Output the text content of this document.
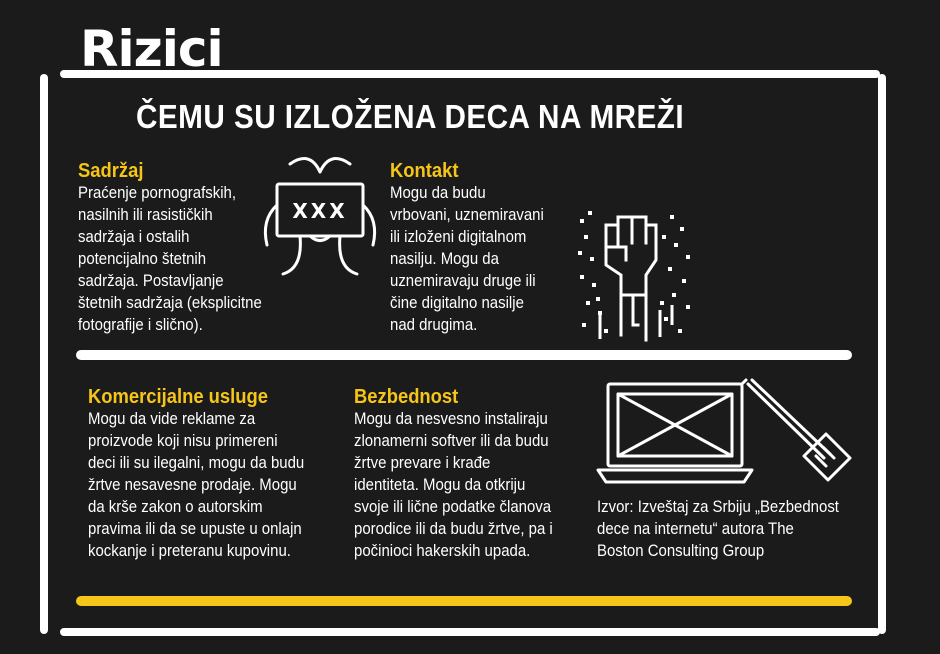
Rizici
ČEMU SU IZLOŽENA DECA NA MREŽI
Sadržaj
Praćenje pornografskih,
nasilnih ili rasističkih
sadržaja i ostalih
potencijalno štetnih
sadržaja. Postavljanje
štetnih sadržaja (eksplicitne
fotografije i slično).
XXX
Kontakt
Mogu da budu
vrbovani, uznemiravani
ili izloženi digitalnom
nasilju. Mogu da
uznemiravaju druge ili
čine digitalno nasilje
nad drugima.
Komercijalne usluge
Mogu da vide reklame za
proizvode koji nisu primereni
deci ili su ilegalni, mogu da budu
žrtve nesavesne prodaje. Mogu
da krše zakon o autorskim
pravima ili da se upuste u onlajn
kockanje i preteranu kupovinu.
Bezbednost
Mogu da nesvesno instaliraju
zlonamerni softver ili da budu
žrtve prevare i krađe
identiteta. Mogu da otkriju
svoje ili lične podatke članova
porodice ili da budu žrtve, pa i
počinioci hakerskih upada.
Izvor: Izveštaj za Srbiju „Bezbednost
dece na internetu“ autora The
Boston Consulting Group
